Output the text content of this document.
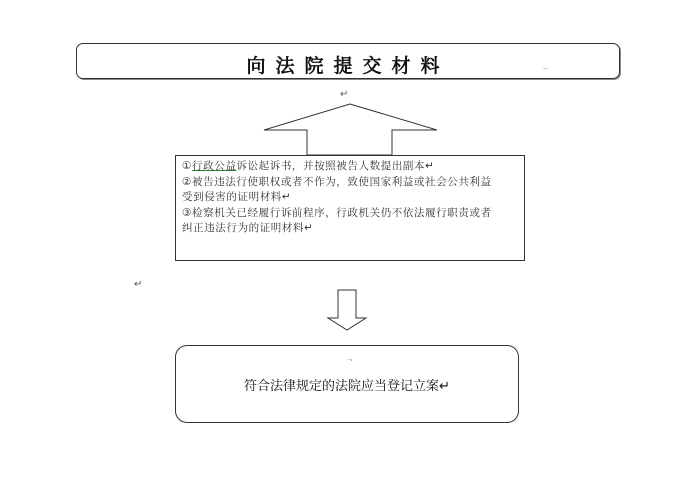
向法院提交材料	..
↵
↵
①行政公益诉讼起诉书，并按照被告人数提出副本↵
②被告违法行使职权或者不作为，致使国家利益或社会公共利益
受到侵害的证明材料↵
③检察机关已经履行诉前程序，行政机关仍不依法履行职责或者
纠正违法行为的证明材料↵
.,
符合法律规定的法院应当登记立案↵
